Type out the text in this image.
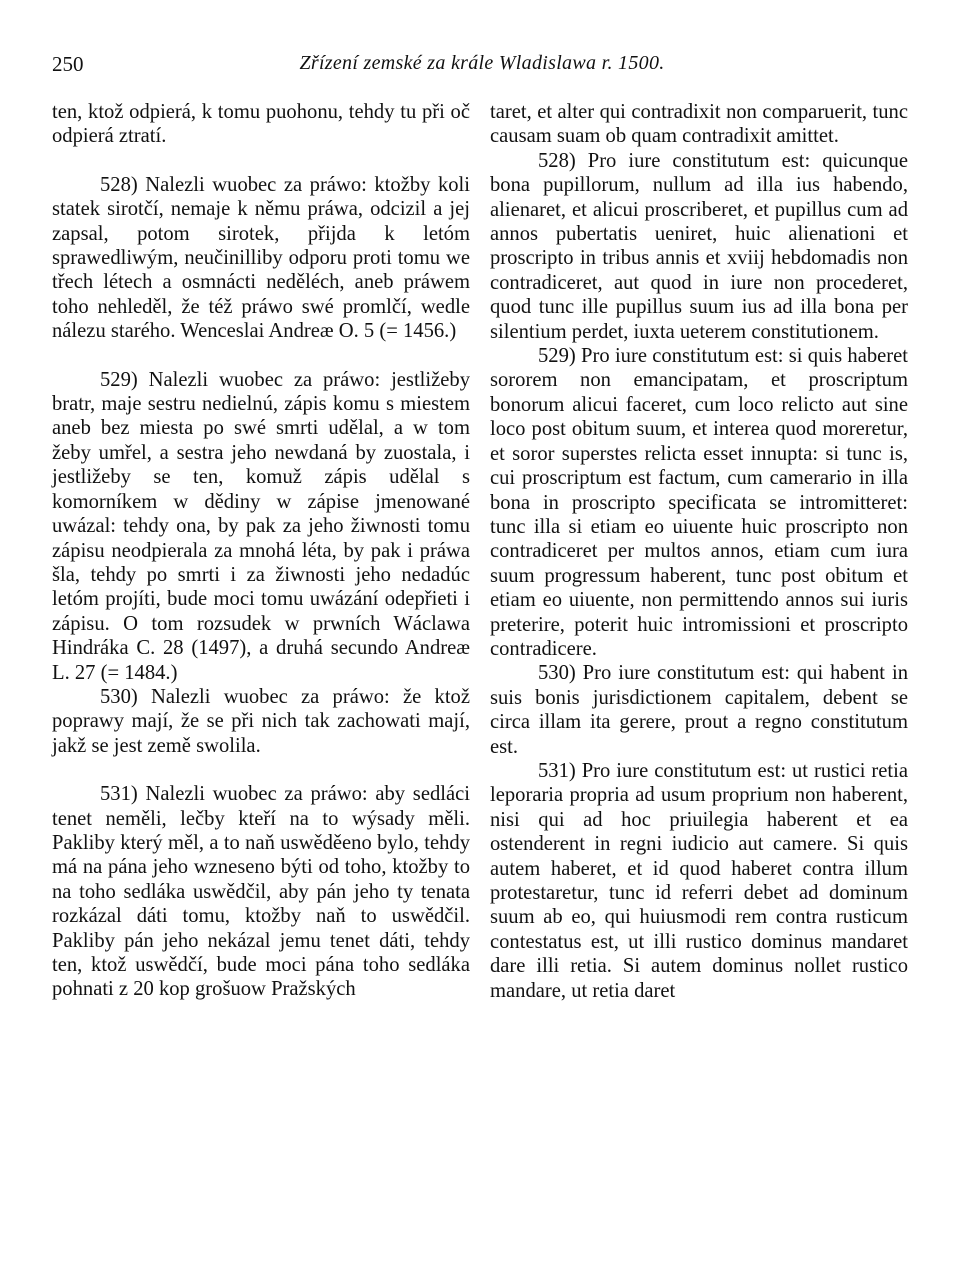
250	Zřízení zemské za krále Wladislawa r. 1500.

ten, ktož odpierá, k tomu puohonu, tehdy tu při oč odpierá ztratí.

528) Nalezli wuobec za práwo: ktožby koli statek sirotčí, nemaje k němu práwa, odcizil a jej zapsal, potom sirotek, přijda k letóm sprawedliwým, neučinilliby odporu proti tomu we třech létech a osmnácti neděléch, aneb práwem toho nehleděl, že též práwo swé promlčí, wedle nálezu starého. Wenceslai Andreæ O. 5 (= 1456.)

529) Nalezli wuobec za práwo: jestližeby bratr, maje sestru nedielnú, zápis komu s miestem aneb bez miesta po swé smrti udělal, a w tom žeby umřel, a sestra jeho newdaná by zuostala, i jestližeby se ten, komuž zápis udělal s komorníkem w dědiny w zápise jmenowané uwázal: tehdy ona, by pak za jeho žiwnosti tomu zápisu neodpierala za mnohá léta, by pak i práwa šla, tehdy po smrti i za žiwnosti jeho nedadúc letóm projíti, bude moci tomu uwázání odepřieti i zápisu. O tom rozsudek w prwních Wáclawa Hindráka C. 28 (1497), a druhá secundo Andreæ L. 27 (= 1484.)

530) Nalezli wuobec za práwo: že ktož poprawy mají, že se při nich tak zachowati mají, jakž se jest země swolila.

531) Nalezli wuobec za práwo: aby sedláci tenet neměli, lečby kteří na to wýsady měli. Pakliby který měl, a to naň uswěděeno bylo, tehdy má na pána jeho wzneseno býti od toho, ktožby to na toho sedláka uswědčil, aby pán jeho ty tenata rozkázal dáti tomu, ktožby naň to uswědčil. Pakliby pán jeho nekázal jemu tenet dáti, tehdy ten, ktož uswědčí, bude moci pána toho sedláka pohnati z 20 kop grošuow Pražských

taret, et alter qui contradixit non comparuerit, tunc causam suam ob quam contradixit amittet.

528) Pro iure constitutum est: quicunque bona pupillorum, nullum ad illa ius habendo, alienaret, et alicui proscriberet, et pupillus cum ad annos pubertatis ueniret, huic alienationi et proscripto in tribus annis et xviij hebdomadis non contradiceret, aut quod in iure non procederet, quod tunc ille pupillus suum ius ad illa bona per silentium perdet, iuxta ueterem constitutionem.

529) Pro iure constitutum est: si quis haberet sororem non emancipatam, et proscriptum bonorum alicui faceret, cum loco relicto aut sine loco post obitum suum, et interea quod moreretur, et soror superstes relicta esset innupta: si tunc is, cui proscriptum est factum, cum camerario in illa bona in proscripto specificata se intromitteret: tunc illa si etiam eo uiuente huic proscripto non contradiceret per multos annos, etiam cum iura suum progressum haberent, tunc post obitum et etiam eo uiuente, non permittendo annos sui iuris preterire, poterit huic intromissioni et proscripto contradicere.

530) Pro iure constitutum est: qui habent in suis bonis jurisdictionem capitalem, debent se circa illam ita gerere, prout a regno constitutum est.

531) Pro iure constitutum est: ut rustici retia leporaria propria ad usum proprium non haberent, nisi qui ad hoc priuilegia haberent et ea ostenderent in regni iudicio aut camere. Si quis autem haberet, et id quod haberet contra illum protestaretur, tunc id referri debet ad dominum suum ab eo, qui huiusmodi rem contra rusticum contestatus est, ut illi rustico dominus mandaret dare illi retia. Si autem dominus nollet rustico mandare, ut retia daret
